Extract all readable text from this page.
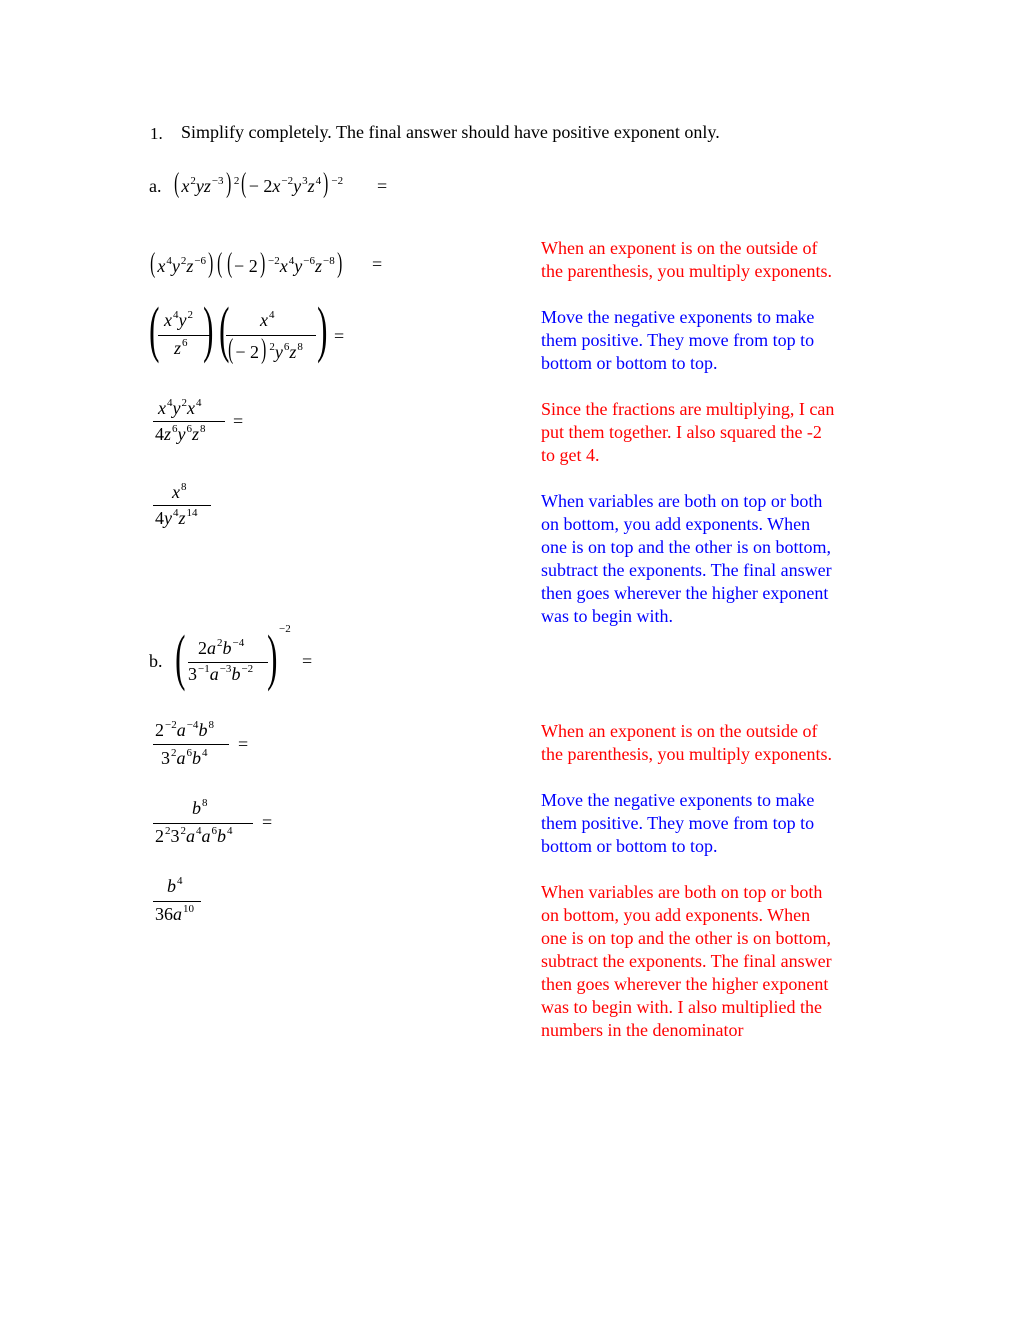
1. Simplify completely. The final answer should have positive exponent only.
a. ( $x^2yz^{-3}$) $^2( - 2x^{-2}y^3z^4)$ $^{-2}$ =
( $x^4y^2z^{-6}$) ( ( − 2) $^{-2}x^4y^{-6}z^{-8}$) =
( $x^4y^2$
$z^6$ ) ( $x^4$
( − 2) $^2y^6z^8$ ) =
$x^4y^2x^4$
$4z^6y^6z^8$ =
$x^8$
$4y^4z^{14}$
When an exponent is on the outside of
the parenthesis, you multiply exponents.
Move the negative exponents to make
them positive. They move from top to
bottom or bottom to top.
Since the fractions are multiplying, I can
put them together. I also squared the -2
to get 4.
When variables are both on top or both
on bottom, you add exponents. When
one is on top and the other is on bottom,
subtract the exponents. The final answer
then goes wherever the higher exponent
was to begin with.
b. ( $2a^2b^{-4}$
$3^{-1}a^{-3}b^{-2}$ ) $^{-2}$
=
$2^{-2}a^{-4}b^8$
$3^2a^6b^4$ =
$b^8$
$2^23^2a^4a^6b^4$ =
$b^4$
$36a^{10}$
When an exponent is on the outside of
the parenthesis, you multiply exponents.
Move the negative exponents to make
them positive. They move from top to
bottom or bottom to top.
When variables are both on top or both
on bottom, you add exponents. When
one is on top and the other is on bottom,
subtract the exponents. The final answer
then goes wherever the higher exponent
was to begin with. I also multiplied the
numbers in the denominator
